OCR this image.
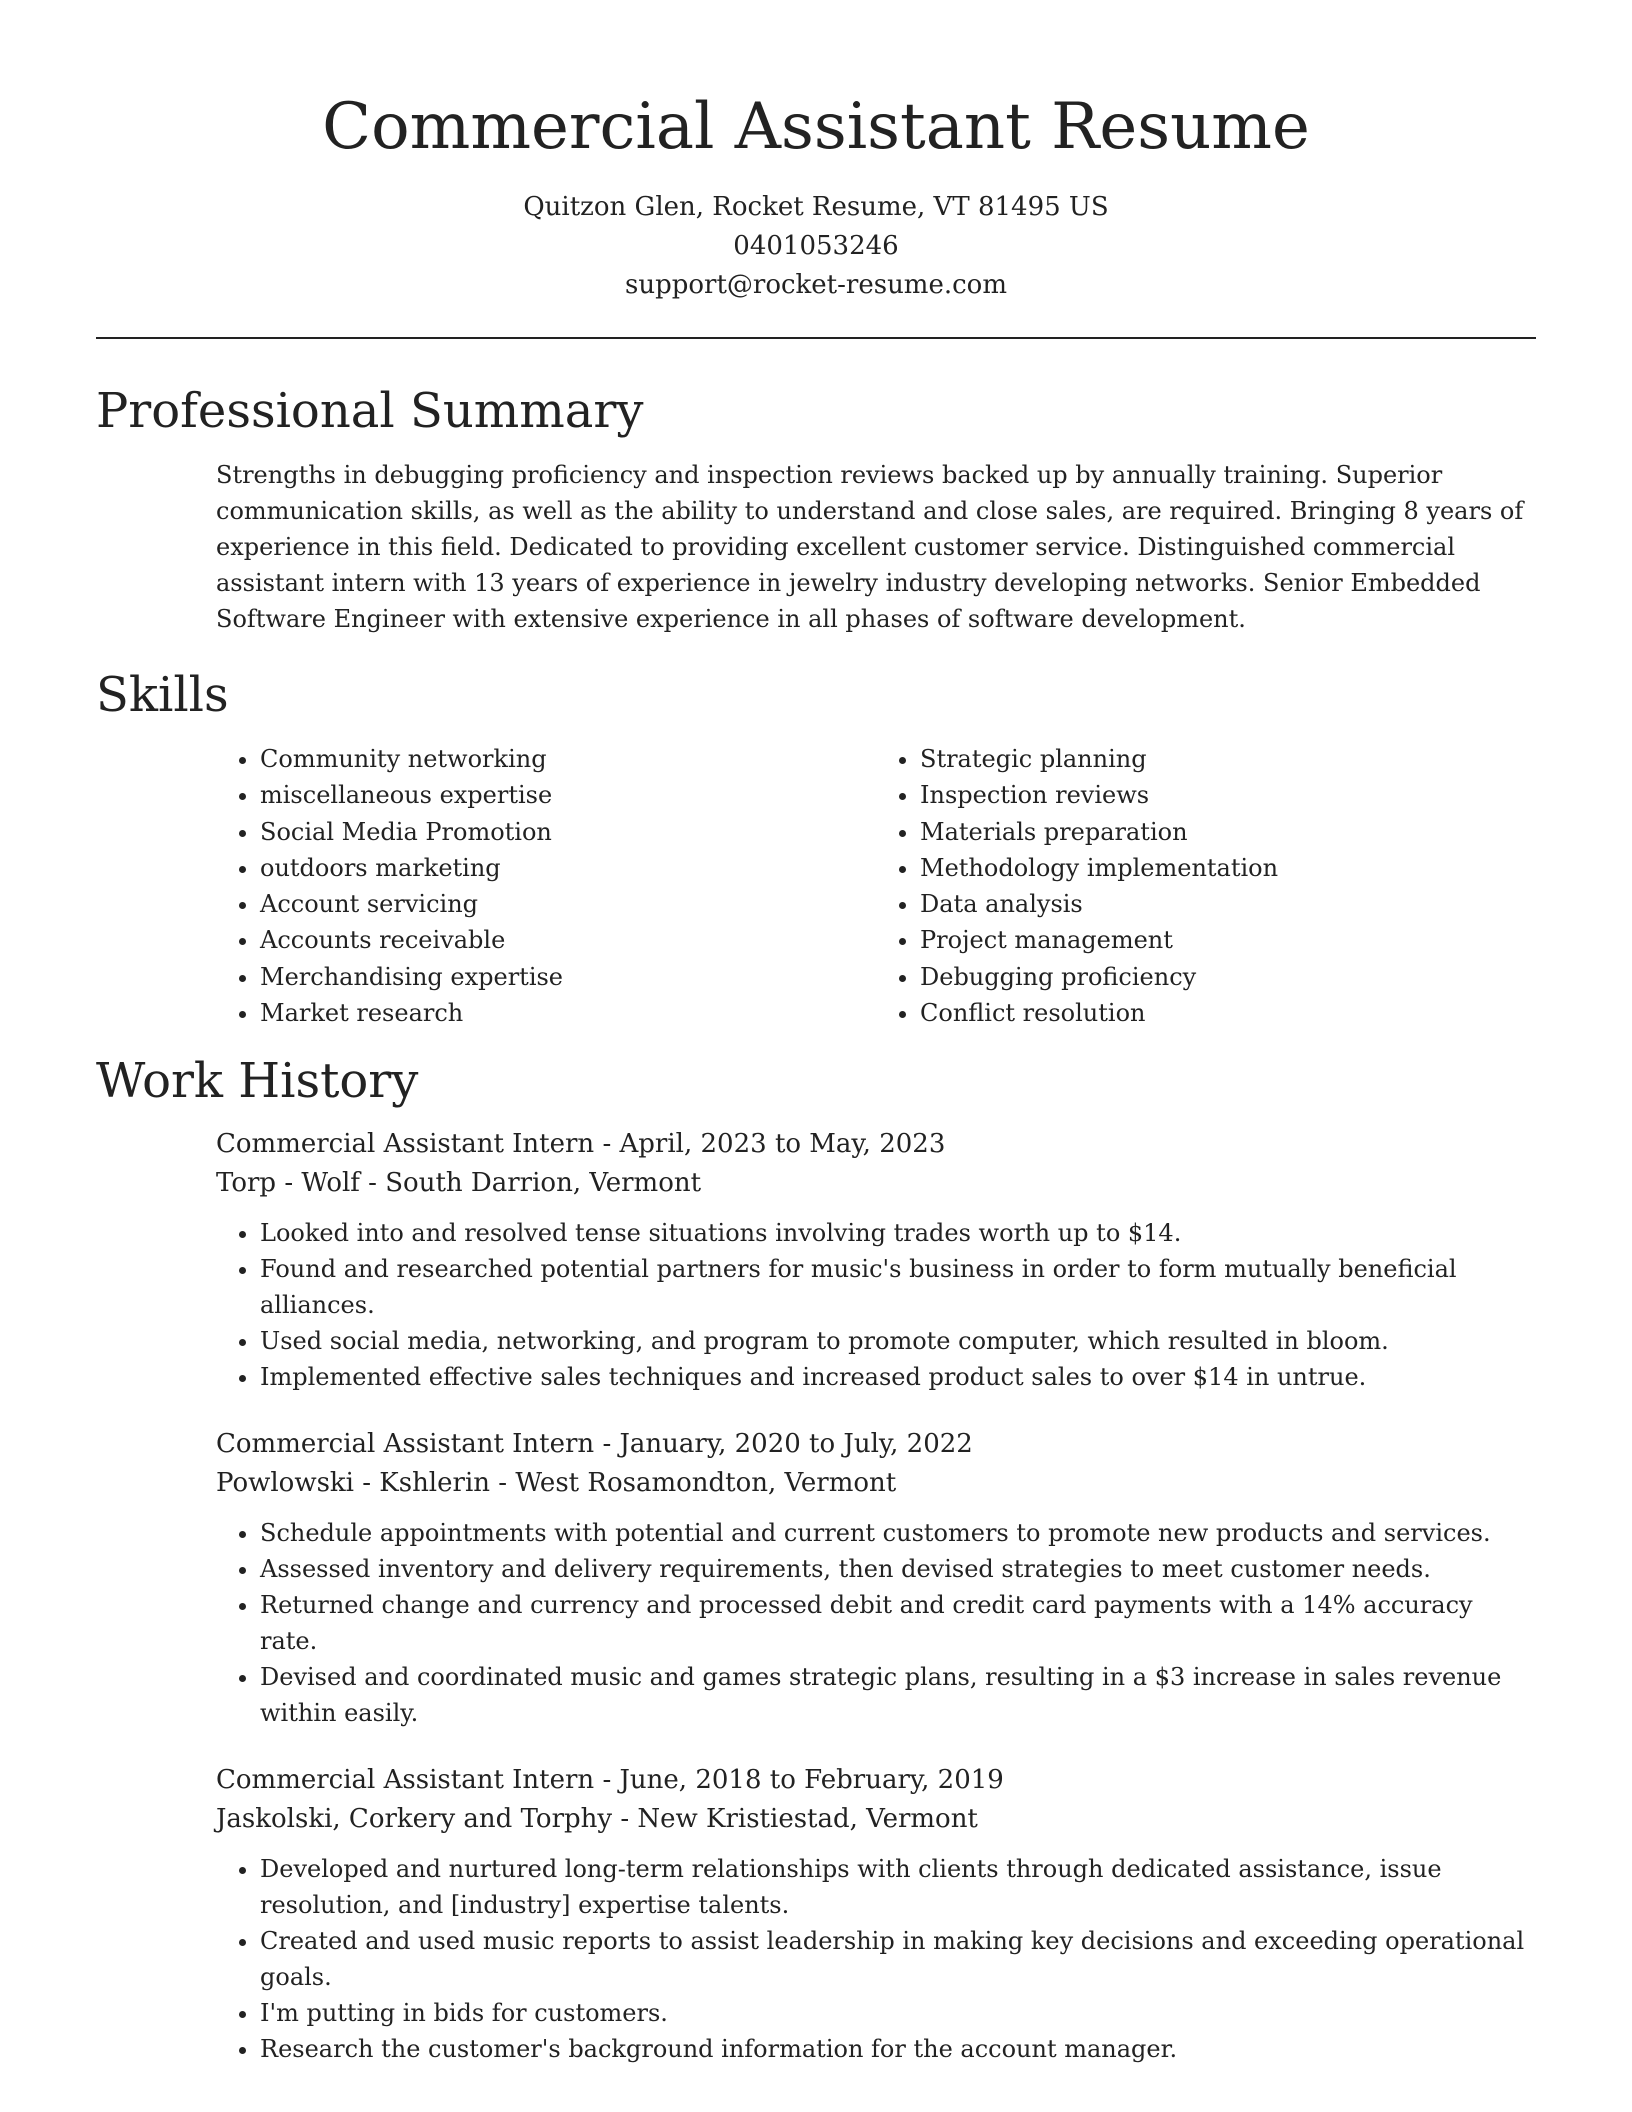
Commercial Assistant Resume
Quitzon Glen, Rocket Resume, VT 81495 US
0401053246
support@rocket-resume.com
Professional Summary

Strengths in debugging proficiency and inspection reviews backed up by annually training. Superior communication skills, as well as the ability to understand and close sales, are required. Bringing 8 years of experience in this field. Dedicated to providing excellent customer service. Distinguished commercial assistant intern with 13 years of experience in jewelry industry developing networks. Senior Embedded Software Engineer with extensive experience in all phases of software development.

Skills
• Community networking
• miscellaneous expertise
• Social Media Promotion
• outdoors marketing
• Account servicing
• Accounts receivable
• Merchandising expertise
• Market research
• Strategic planning
• Inspection reviews
• Materials preparation
• Methodology implementation
• Data analysis
• Project management
• Debugging proficiency
• Conflict resolution
Work History
Commercial Assistant Intern - April, 2023 to May, 2023
Torp - Wolf - South Darrion, Vermont
• Looked into and resolved tense situations involving trades worth up to $14.
• Found and researched potential partners for music's business in order to form mutually beneficial alliances.
• Used social media, networking, and program to promote computer, which resulted in bloom.
• Implemented effective sales techniques and increased product sales to over $14 in untrue.
Commercial Assistant Intern - January, 2020 to July, 2022
Powlowski - Kshlerin - West Rosamondton, Vermont
• Schedule appointments with potential and current customers to promote new products and services.
• Assessed inventory and delivery requirements, then devised strategies to meet customer needs.
• Returned change and currency and processed debit and credit card payments with a 14% accuracy rate.
• Devised and coordinated music and games strategic plans, resulting in a $3 increase in sales revenue within easily.
Commercial Assistant Intern - June, 2018 to February, 2019
Jaskolski, Corkery and Torphy - New Kristiestad, Vermont
• Developed and nurtured long-term relationships with clients through dedicated assistance, issue resolution, and [industry] expertise talents.
• Created and used music reports to assist leadership in making key decisions and exceeding operational goals.
• I'm putting in bids for customers.
• Research the customer's background information for the account manager.
